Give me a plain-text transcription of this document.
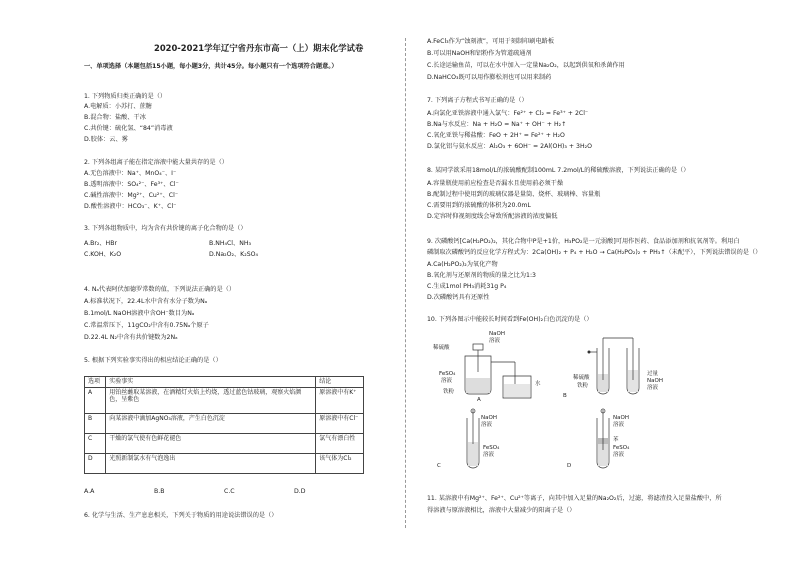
2020-2021学年辽宁省丹东市高一（上）期末化学试卷
一、单项选择（本题包括15小题，每小题3分，共计45分。每小题只有一个选项符合题意。）
1. 下列物质归类正确的是（）
A.电解质：小苏打、蔗糖
B.混合物：盐酸、干冰
C.共价键：硫化氢、“84”消毒液
D.胶体：云、雾
2. 下列各组离子能在指定溶液中能大量共存的是（）
A.无色溶液中：Na⁺、MnO₄⁻、I⁻
B.透明溶液中：SO₄²⁻、Fe³⁺、Cl⁻
C.碱性溶液中：Mg²⁺、Cu²⁺、Cl⁻
D.酸性溶液中：HCO₃⁻、K⁺、Cl⁻
3. 下列各组物质中，均为含有共价键的离子化合物的是（）
A.Br₂、HBr	B.NH₄Cl、NH₃
C.KOH、K₂O	D.Na₂O₂、K₂SO₄
4. Nₐ代表阿伏加德罗常数的值，下列说法正确的是（）
A.标准状况下，22.4L水中含有水分子数为Nₐ
B.1mol/L NaOH溶液中含OH⁻数目为Nₐ
C.常温常压下，11gCO₂中含有0.75Nₐ个原子
D.22.4L N₂中含有共价键数为2Nₐ
5. 根据下列实验事实得出的相应结论正确的是（）
选项	实验事实	结论
A	用铂丝蘸取某溶液，在酒精灯火焰上灼烧，透过蓝色钴玻璃，观察火焰颜色，呈紫色	原溶液中有K⁺
B	向某溶液中滴加AgNO₃溶液，产生白色沉淀	原溶液中有Cl⁻
C	干燥的氯气使有色鲜花褪色	氯气有漂白性
D	光照新制氯水有气泡逸出	该气体为Cl₂
A.A	B.B	C.C	D.D
6. 化学与生活、生产息息相关，下列关于物质的用途说法错误的是（）
A.FeCl₃作为“蚀刻液”，可用于刻制印刷电路板
B.可以用NaOH和铝粉作为管道疏通剂
C.长途运输鱼苗，可以在水中加入一定量Na₂O₂，以起到供氧和杀菌作用
D.NaHCO₃既可以用作膨松剂也可以用来制药
7. 下列离子方程式书写正确的是（）
A.向氯化亚铁溶液中通入氯气：Fe²⁺ + Cl₂ = Fe³⁺ + 2Cl⁻
B.Na与水反应：Na + H₂O = Na⁺ + OH⁻ + H₂↑
C.氧化亚铁与稀盐酸：FeO + 2H⁺ = Fe²⁺ + H₂O
D.氯化铝与氨水反应：Al₂O₃ + 6OH⁻ = 2Al(OH)₃ + 3H₂O
8. 某同学欲采用18mol/L的浓硫酸配制100mL 7.2mol/L的稀硫酸溶液，下列说法正确的是（）
A.容量瓶使用前应检查是否漏水且使用前必须干燥
B.配制过程中使用到的玻璃仪器是量筒、烧杯、玻璃棒、容量瓶
C.需要用到的浓硫酸的体积为20.0mL
D.定容时仰视刻度线会导致所配溶液的浓度偏低
9. 次磷酸钙[Ca(H₂PO₂)₂，其化合物中P是+1价，H₃PO₂是一元弱酸]可用作医药、食品添加剂和抗氧剂等。利用白
磷制取次磷酸钙的反应化学方程式为：2Ca(OH)₂ + P₄ + H₂O → Ca(H₂PO₂)₂ + PH₃↑（未配平），下列说法错误的是（）
A.Ca(H₂PO₂)₂为氧化产物
B.氧化剂与还原剂的物质的量之比为1:3
C.生成1mol PH₃消耗31g P₄
D.次磷酸钙具有还原性
10. 下列各图示中能较长时间看到Fe(OH)₂白色沉淀的是（）
NaOH
溶液
稀硫酸
FeSO₄
溶液
铁粉
水
A
稀硫酸
铁粉
过量
NaOH
溶液
B
NaOH
溶液
FeSO₄
溶液
C
NaOH
溶液
苯
FeSO₄
溶液
D
11. 某溶液中有Mg²⁺、Fe²⁺、Cu²⁺等离子，向其中加入足量的Na₂O₂后，过滤，将滤渣投入足量盐酸中，所
得溶液与原溶液相比，溶液中大量减少的阳离子是（）
